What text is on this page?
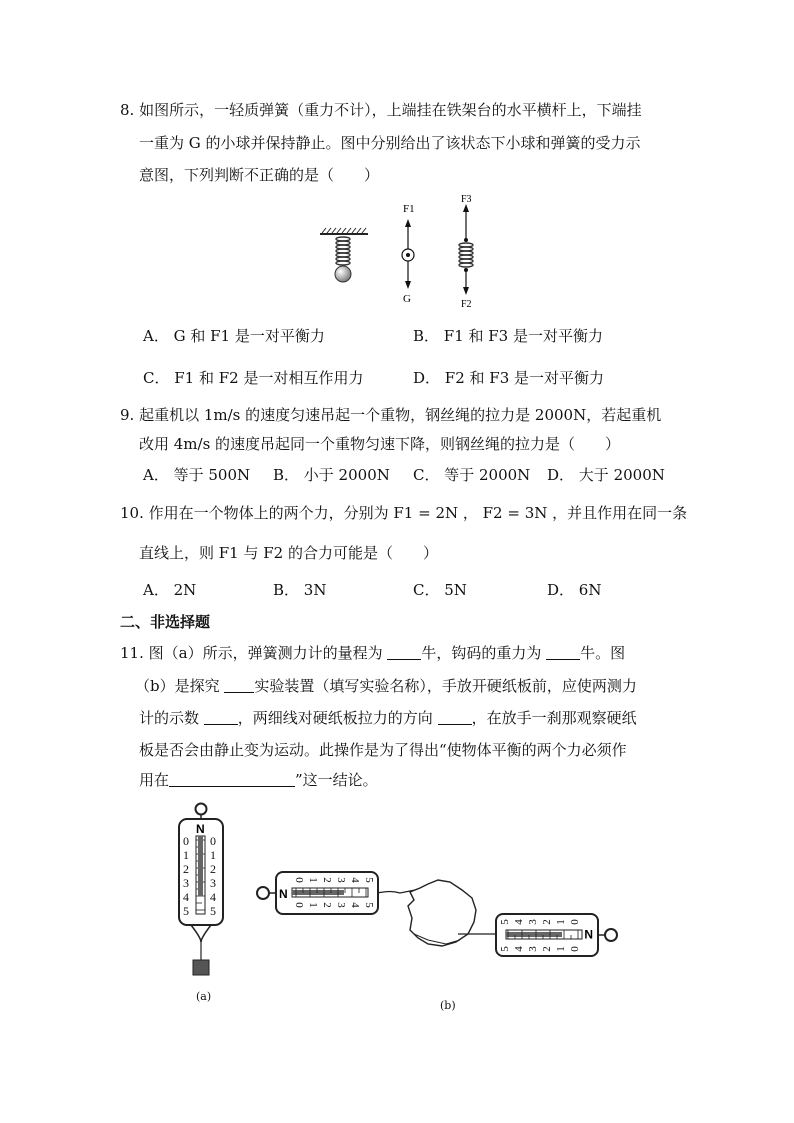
8. 如图所示，一轻质弹簧（重力不计），上端挂在铁架台的水平横杆上，下端挂
一重为 G 的小球并保持静止。图中分别给出了该状态下小球和弹簧的受力示
意图，下列判断不正确的是（　　）
F1
G
F3
F2
A． G 和 F1 是一对平衡力	B． F1 和 F3 是一对平衡力
C． F1 和 F2 是一对相互作用力	D． F2 和 F3 是一对平衡力
9. 起重机以 1m/s 的速度匀速吊起一个重物，钢丝绳的拉力是 2000N，若起重机
改用 4m/s 的速度吊起同一个重物匀速下降，则钢丝绳的拉力是（　　）
A． 等于 500N B． 小于 2000N C． 等于 2000N D． 大于 2000N
10. 作用在一个物体上的两个力，分别为 F1 = 2N ， F2 = 3N ，并且作用在同一条
直线上，则 F1 与 F2 的合力可能是（　　）
A． 2N	B． 3N	C． 5N	D． 6N
二、非选择题
11. 图（a）所示，弹簧测力计的量程为 牛，钩码的重力为 牛。图
（b）是探究 实验装置（填写实验名称），手放开硬纸板前，应使两测力
计的示数 ，两细线对硬纸板拉力的方向 ，在放手一刹那观察硬纸
板是否会由静止变为运动。此操作是为了得出“使物体平衡的两个力必须作
用在	”这一结论。
N
0
1
2
3
4
5
0
1
2
3
4
5
(a)
N
0 1 2 3 4 5
0 1 2 3 4 5
N
5 4 3 2 1 0
5 4 3 2 1 0
(b)
